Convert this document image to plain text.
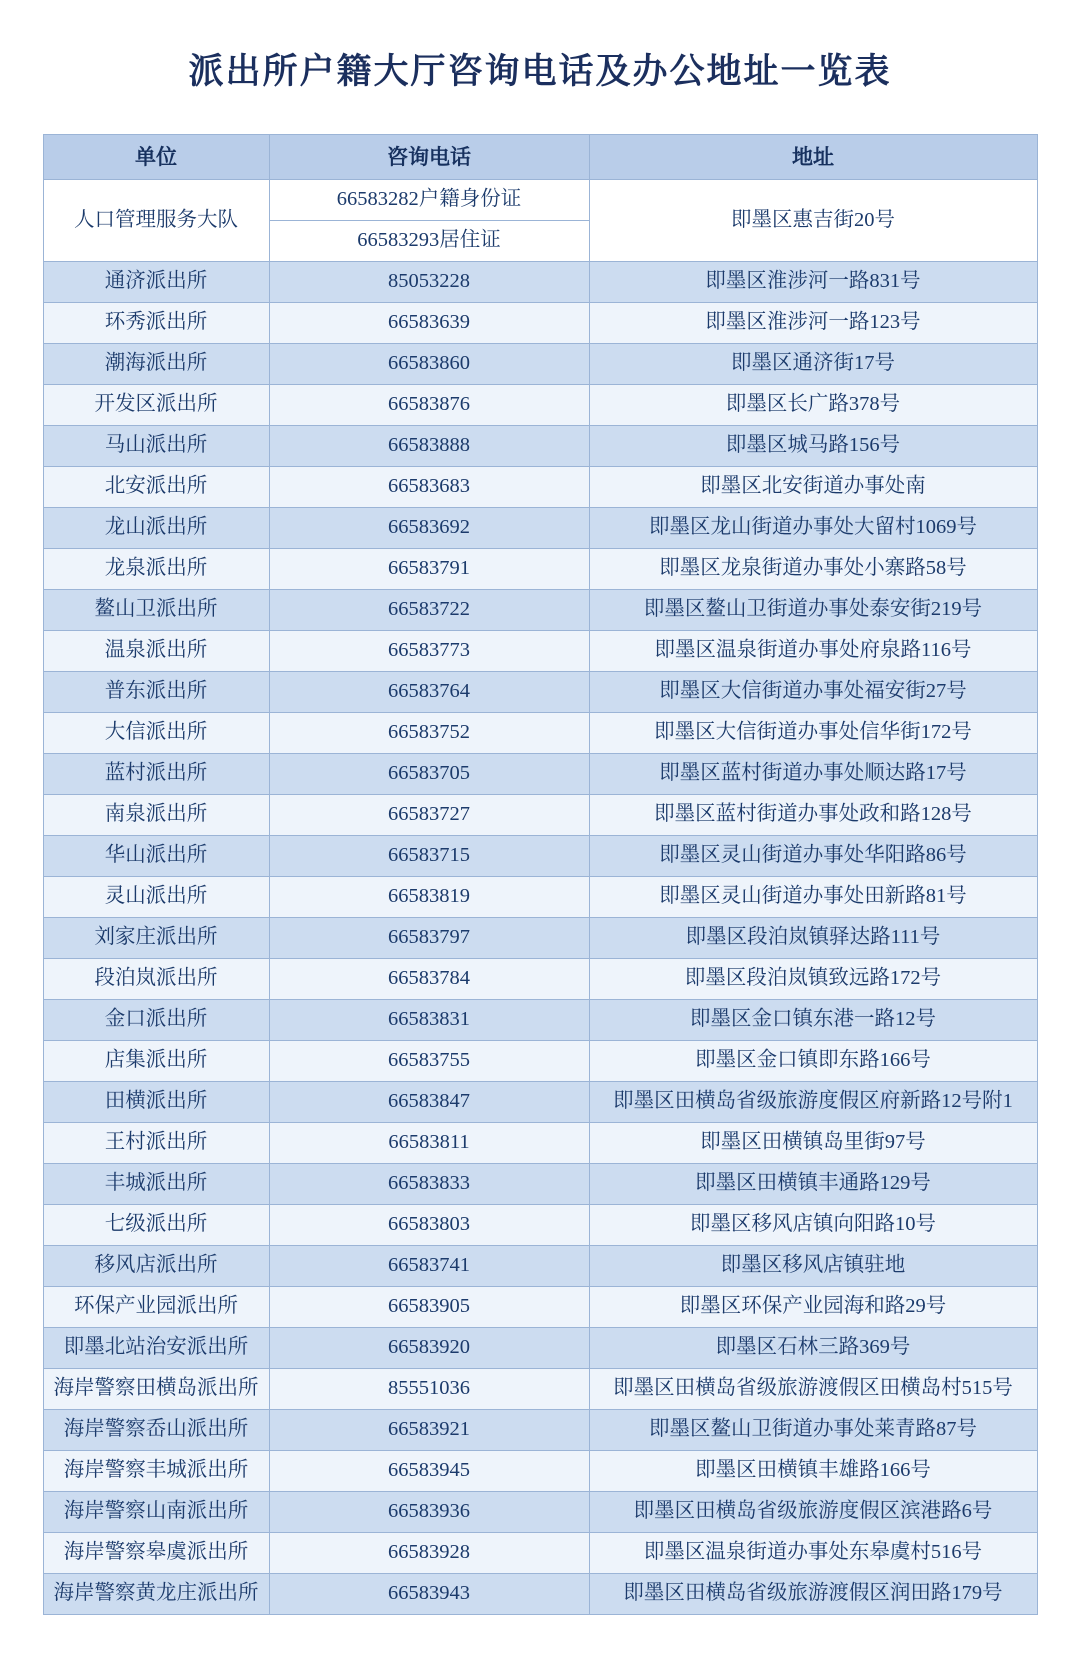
派出所户籍大厅咨询电话及办公地址一览表
单位	咨询电话	地址
人口管理服务大队	66583282户籍身份证	即墨区惠吉街20号
	66583293居住证	
通济派出所	85053228	即墨区淮涉河一路831号
环秀派出所	66583639	即墨区淮涉河一路123号
潮海派出所	66583860	即墨区通济街17号
开发区派出所	66583876	即墨区长广路378号
马山派出所	66583888	即墨区城马路156号
北安派出所	66583683	即墨区北安街道办事处南
龙山派出所	66583692	即墨区龙山街道办事处大留村1069号
龙泉派出所	66583791	即墨区龙泉街道办事处小寨路58号
鳌山卫派出所	66583722	即墨区鳌山卫街道办事处泰安街219号
温泉派出所	66583773	即墨区温泉街道办事处府泉路116号
普东派出所	66583764	即墨区大信街道办事处福安街27号
大信派出所	66583752	即墨区大信街道办事处信华街172号
蓝村派出所	66583705	即墨区蓝村街道办事处顺达路17号
南泉派出所	66583727	即墨区蓝村街道办事处政和路128号
华山派出所	66583715	即墨区灵山街道办事处华阳路86号
灵山派出所	66583819	即墨区灵山街道办事处田新路81号
刘家庄派出所	66583797	即墨区段泊岚镇驿达路111号
段泊岚派出所	66583784	即墨区段泊岚镇致远路172号
金口派出所	66583831	即墨区金口镇东港一路12号
店集派出所	66583755	即墨区金口镇即东路166号
田横派出所	66583847	即墨区田横岛省级旅游度假区府新路12号附1
王村派出所	66583811	即墨区田横镇岛里街97号
丰城派出所	66583833	即墨区田横镇丰通路129号
七级派出所	66583803	即墨区移风店镇向阳路10号
移风店派出所	66583741	即墨区移风店镇驻地
环保产业园派出所	66583905	即墨区环保产业园海和路29号
即墨北站治安派出所	66583920	即墨区石林三路369号
海岸警察田横岛派出所	85551036	即墨区田横岛省级旅游渡假区田横岛村515号
海岸警察岙山派出所	66583921	即墨区鳌山卫街道办事处莱青路87号
海岸警察丰城派出所	66583945	即墨区田横镇丰雄路166号
海岸警察山南派出所	66583936	即墨区田横岛省级旅游度假区滨港路6号
海岸警察皋虞派出所	66583928	即墨区温泉街道办事处东皋虞村516号
海岸警察黄龙庄派出所	66583943	即墨区田横岛省级旅游渡假区润田路179号
